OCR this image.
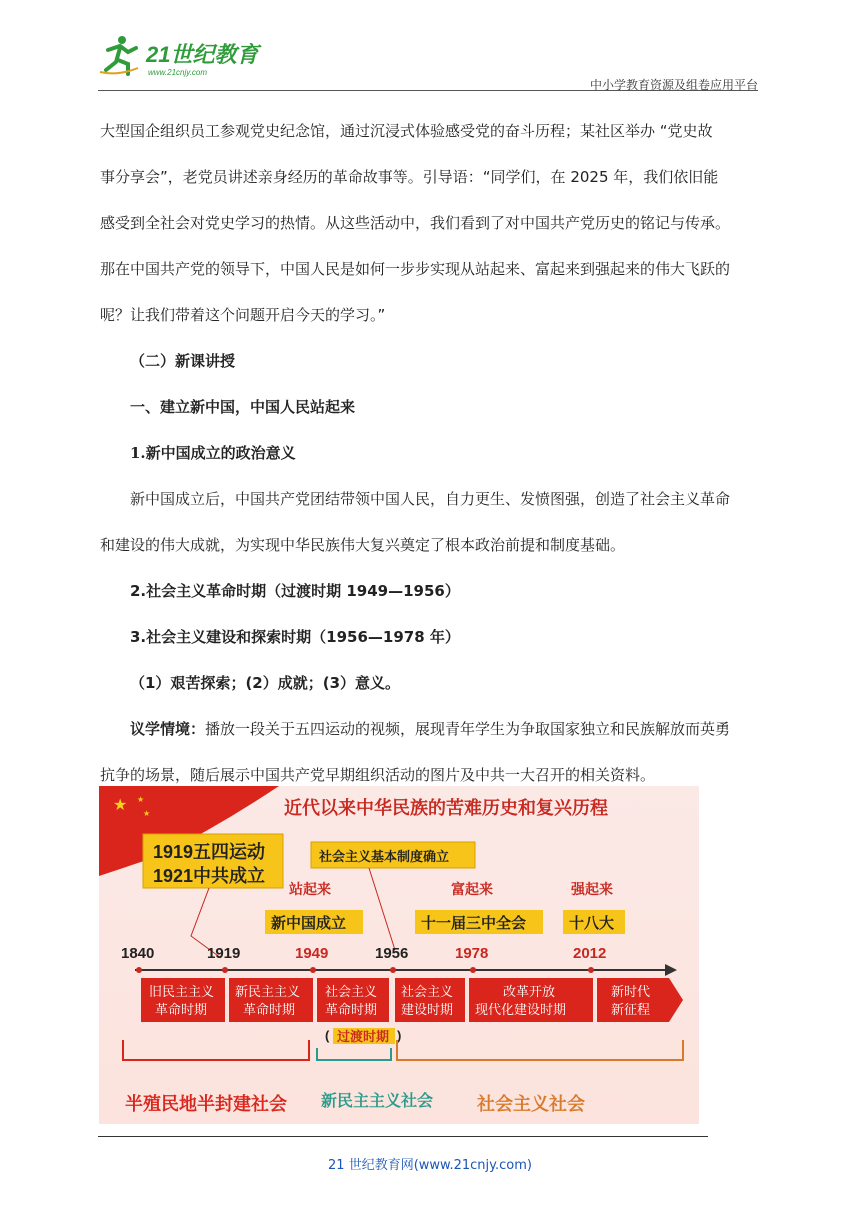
21世纪教育
www.21cnjy.com
中小学教育资源及组卷应用平台
大型国企组织员工参观党史纪念馆，通过沉浸式体验感受党的奋斗历程；某社区举办 “党史故
事分享会”，老党员讲述亲身经历的革命故事等。引导语：“同学们，在 2025 年，我们依旧能
感受到全社会对党史学习的热情。从这些活动中，我们看到了对中国共产党历史的铭记与传承。
那在中国共产党的领导下，中国人民是如何一步步实现从站起来、富起来到强起来的伟大飞跃的
呢？让我们带着这个问题开启今天的学习。”
（二）新课讲授
一、建立新中国，中国人民站起来
1.新中国成立的政治意义
新中国成立后，中国共产党团结带领中国人民，自力更生、发愤图强，创造了社会主义革命
和建设的伟大成就，为实现中华民族伟大复兴奠定了根本政治前提和制度基础。
2.社会主义革命时期（过渡时期 1949—1956）
3.社会主义建设和探索时期（1956—1978 年）
（1）艰苦探索；(2）成就；(3）意义。
议学情境：播放一段关于五四运动的视频，展现青年学生为争取国家独立和民族解放而英勇
抗争的场景，随后展示中国共产党早期组织活动的图片及中共一大召开的相关资料。
★ ★
★	近代以来中华民族的苦难历史和复兴历程
1919五四运动
1921中共成立
社会主义基本制度确立
站起来	富起来	强起来
新中国成立	十一届三中全会	十八大
1840	1919	1949	1956	1978	2012
旧民主主义
革命时期
新民主主义
革命时期
社会主义
革命时期
社会主义
建设时期
改革开放
现代化建设时期
新时代
新征程
( 过渡时期 )
半殖民地半封建社会 新民主主义社会 社会主义社会
21 世纪教育网(www.21cnjy.com)
